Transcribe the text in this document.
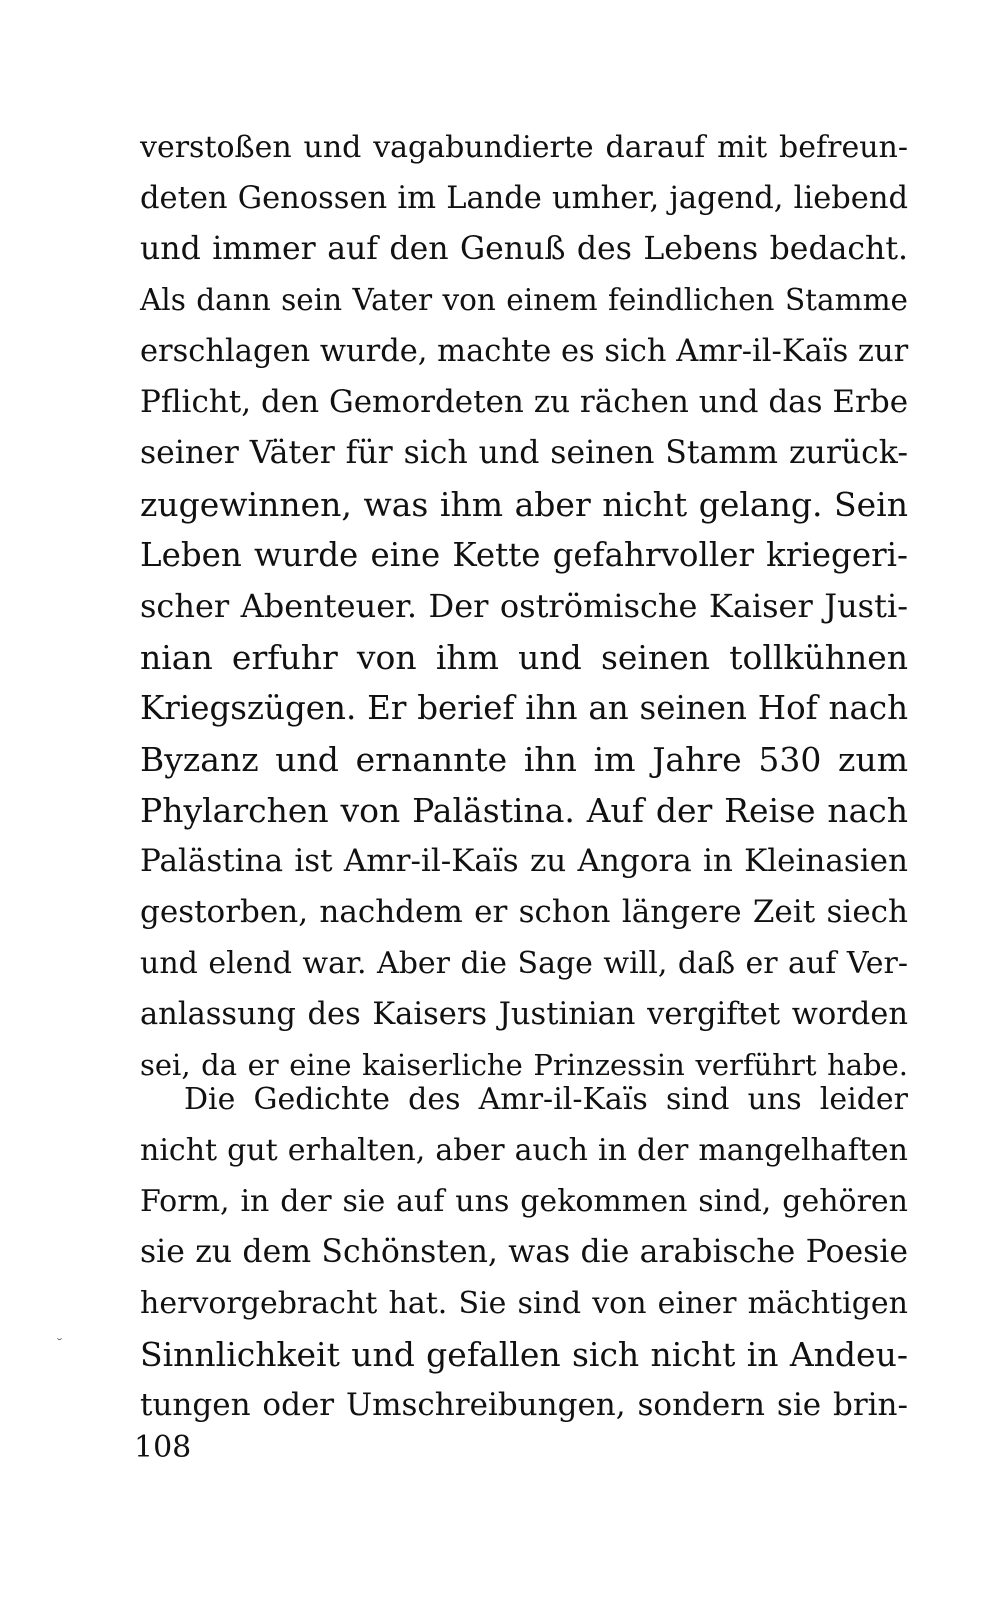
verstoßen und vagabundierte darauf mit befreun-
deten Genossen im Lande umher, jagend, liebend
und immer auf den Genuß des Lebens bedacht.
Als dann sein Vater von einem feindlichen Stamme
erschlagen wurde, machte es sich Amr-il-Kaïs zur
Pflicht, den Gemordeten zu rächen und das Erbe
seiner Väter für sich und seinen Stamm zurück-
zugewinnen, was ihm aber nicht gelang. Sein
Leben wurde eine Kette gefahrvoller kriegeri-
scher Abenteuer. Der oströmische Kaiser Justi-
nian erfuhr von ihm und seinen tollkühnen
Kriegszügen. Er berief ihn an seinen Hof nach
Byzanz und ernannte ihn im Jahre 530 zum
Phylarchen von Palästina. Auf der Reise nach
Palästina ist Amr-il-Kaïs zu Angora in Kleinasien
gestorben, nachdem er schon längere Zeit siech
und elend war. Aber die Sage will, daß er auf Ver-
anlassung des Kaisers Justinian vergiftet worden
sei, da er eine kaiserliche Prinzessin verführt habe.
Die Gedichte des Amr-il-Kaïs sind uns leider
nicht gut erhalten, aber auch in der mangelhaften
Form, in der sie auf uns gekommen sind, gehören
sie zu dem Schönsten, was die arabische Poesie
hervorgebracht hat. Sie sind von einer mächtigen
Sinnlichkeit und gefallen sich nicht in Andeu-
tungen oder Umschreibungen, sondern sie brin-
˘
108
